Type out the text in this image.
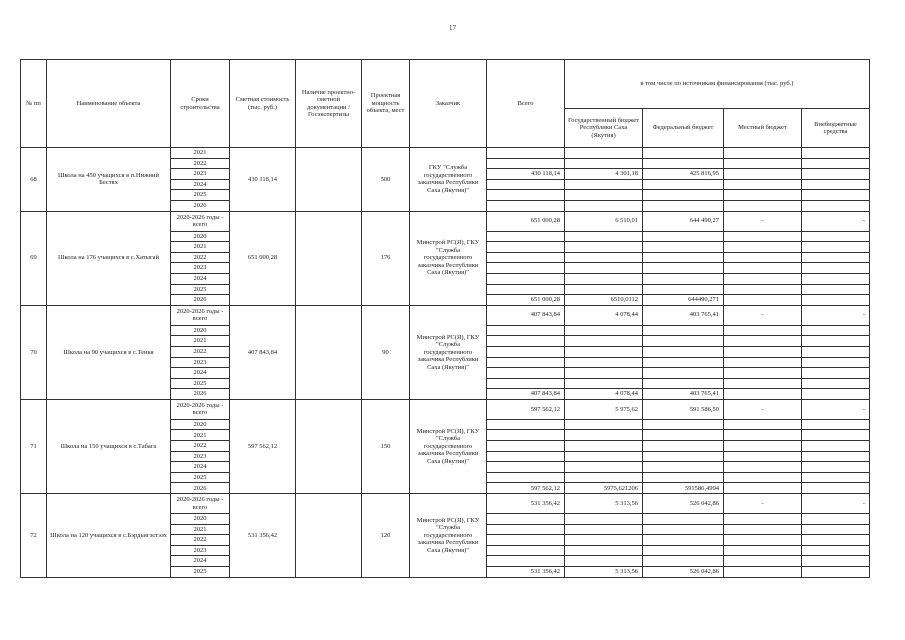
17
№ пп	Наименование объекта	Сроки строительства	Сметная стоимость (тыс. руб.)	Наличие проектно-сметной документации /Госэкспертизы	Проектная мощность объекта, мест	Заказчик	Всего	в том числе по источникам финансирования (тыс. руб.)			
								Государственный бюджет Республики Саха (Якутия)	Федеральный бюджет	Местный бюджет	Внебюджетные средства
68	Школа на 450 учащихся в п.Нижний Бестях	2021	430 118,14		500	ГКУ "Служба государственного заказчика Республики Саха (Якутия)"					
		2022									
		2023					430 118,14	4 301,18	425 816,95		
		2024									
		2025									
		2026									
69	Школа на 176 учащихся в с.Хатыгай	2020-2026 годы - всего	651 000,28		176	Минстрой РС(Я), ГКУ "Служба государственного заказчика Республики Саха (Якутия)"	651 000,28	6 510,01	644 490,27	-	-
		2020									
		2021									
		2022									
		2023									
		2024									
		2025									
		2026					651 000,28	6510,0112	644490,271		
70	Школа на 90 учащихся в с.Тенкя	2020-2026 годы - всего	407 843,84		90	Минстрой РС(Я), ГКУ "Служба государственного заказчика Республики Саха (Якутия)"	407 843,84	4 078,44	403 765,41	-	-
		2020									
		2021									
		2022									
		2023									
		2024									
		2025									
		2026					407 843,84	4 078,44	403 765,41		
71	Школа на 150 учащихся в с.Табага	2020-2026 годы - всего	597 562,12		150	Минстрой РС(Я), ГКУ "Служба государственного заказчика Республики Саха (Якутия)"	597 562,12	5 975,62	591 586,50	-	-
		2020									
		2021									
		2022									
		2023									
		2024									
		2025									
		2026					597 562,12	5975,621206	591586,4994		
72	Школа на 120 учащихся в с.Бэрдьигэстээх	2020-2026 годы - всего	531 356,42		120	Минстрой РС(Я), ГКУ "Служба государственного заказчика Республики Саха (Якутия)"	531 356,42	5 313,56	526 042,86	-	-
		2020									
		2021									
		2022									
		2023									
		2024									
		2025					531 356,42	5 313,56	526 042,86		
